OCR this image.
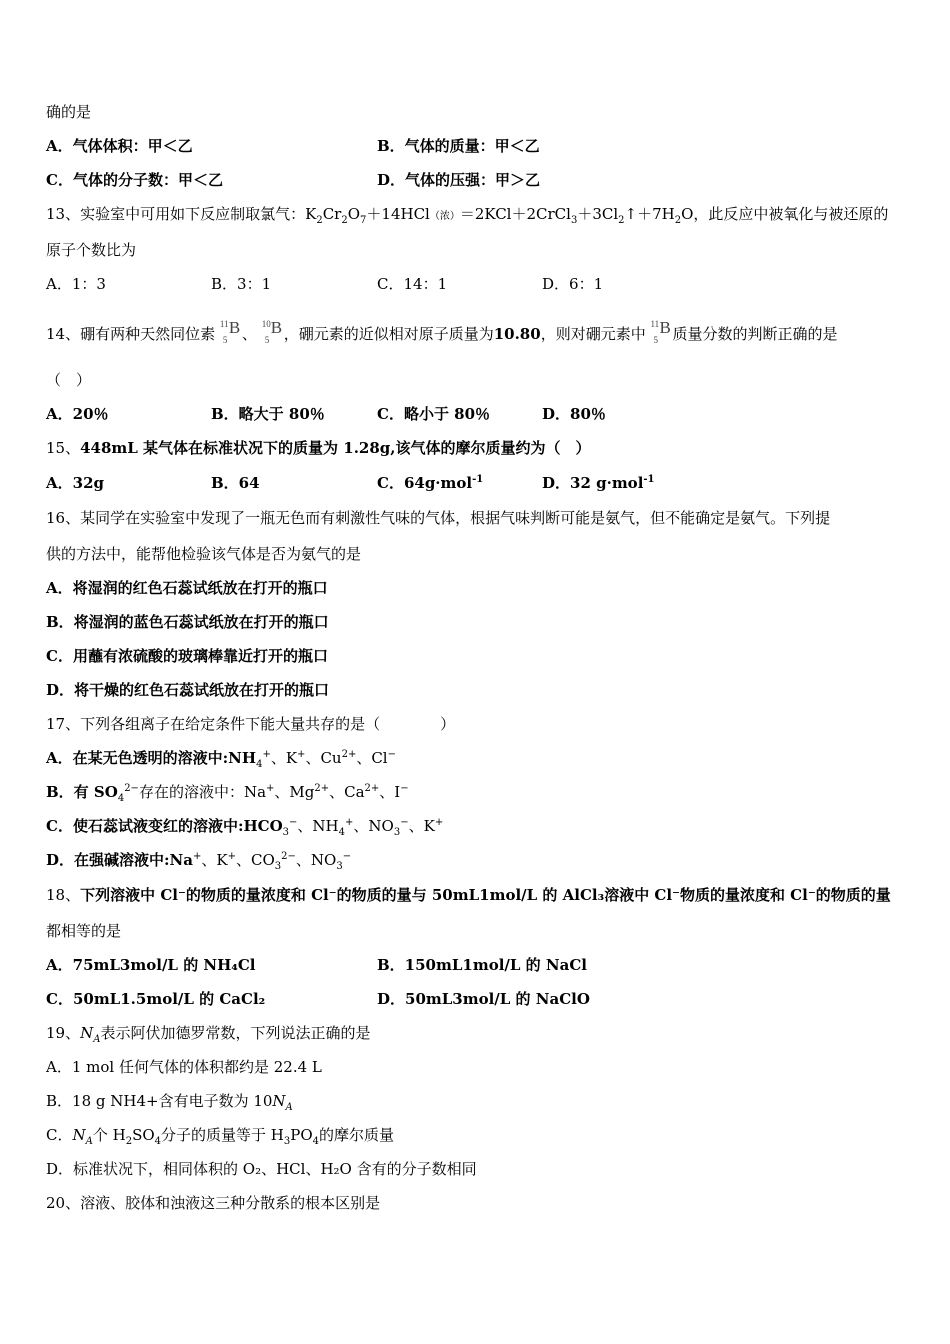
确的是
A．气体体积：甲＜乙	B．气体的质量：甲＜乙
C．气体的分子数：甲＜乙	D．气体的压强：甲＞乙
13、实验室中可用如下反应制取氯气：$K_2Cr_2O_7+14HCl$（浓）$=2KCl+2CrCl_3+3Cl_2↑+7H_2O$，此反应中被氧化与被还原的
原子个数比为
A．1：3	B．3：1	C．14：1	D．6：1
14、硼有两种天然同位素
11
5
B 、
10
5
B ，硼元素的近似相对原子质量为10.80，则对硼元素中
11
5
B 质量分数的判断正确的是
（　）
A．20％	B．略大于 80％	C．略小于 80％	D．80％
15、448mL 某气体在标准状况下的质量为 1.28g,该气体的摩尔质量约为（　）
A．32g	B．64	C．64g·mol$^{-1}$	D．32 g·mol$^{-1}$
16、某同学在实验室中发现了一瓶无色而有刺激性气味的气体，根据气味判断可能是氨气，但不能确定是氨气。下列提
供的方法中，能帮他检验该气体是否为氨气的是
A．将湿润的红色石蕊试纸放在打开的瓶口
B．将湿润的蓝色石蕊试纸放在打开的瓶口
C．用蘸有浓硫酸的玻璃棒靠近打开的瓶口
D．将干燥的红色石蕊试纸放在打开的瓶口
17、下列各组离子在给定条件下能大量共存的是（　　　　）
A．在某无色透明的溶液中$:NH_4^+$、K+、$Cu^{2+}$、Cl−
B．有 $SO_4^{2-}$存在的溶液中：Na+、$Mg^{2+}$、$Ca^{2+}$、I−
C．使石蕊试液变红的溶液中$:HCO_3^-$、$NH_4^+$、$NO_3^-$、K+
D．在强碱溶液中:Na+、K+、$CO_3^{2-}$、$NO_3^-$
18、下列溶液中 Cl⁻的物质的量浓度和 Cl⁻的物质的量与 50mL1mol/L 的 AlCl₃溶液中 Cl⁻物质的量浓度和 Cl⁻的物质的量
都相等的是
A．75mL3mol/L 的 NH₄Cl	B．150mL1mol/L 的 NaCl
C．50mL1.5mol/L 的 CaCl₂	D．50mL3mol/L 的 NaClO
19、$N_A$表示阿伏加德罗常数，下列说法正确的是
A．1 mol 任何气体的体积都约是 22.4 L
B．18 g NH4+含有电子数为 $10N_A$
C．$N_A$个 $H_2SO_4$分子的质量等于 $H_3PO_4$的摩尔质量
D．标准状况下，相同体积的 O₂、HCl、H₂O 含有的分子数相同
20、溶液、胶体和浊液这三种分散系的根本区别是
